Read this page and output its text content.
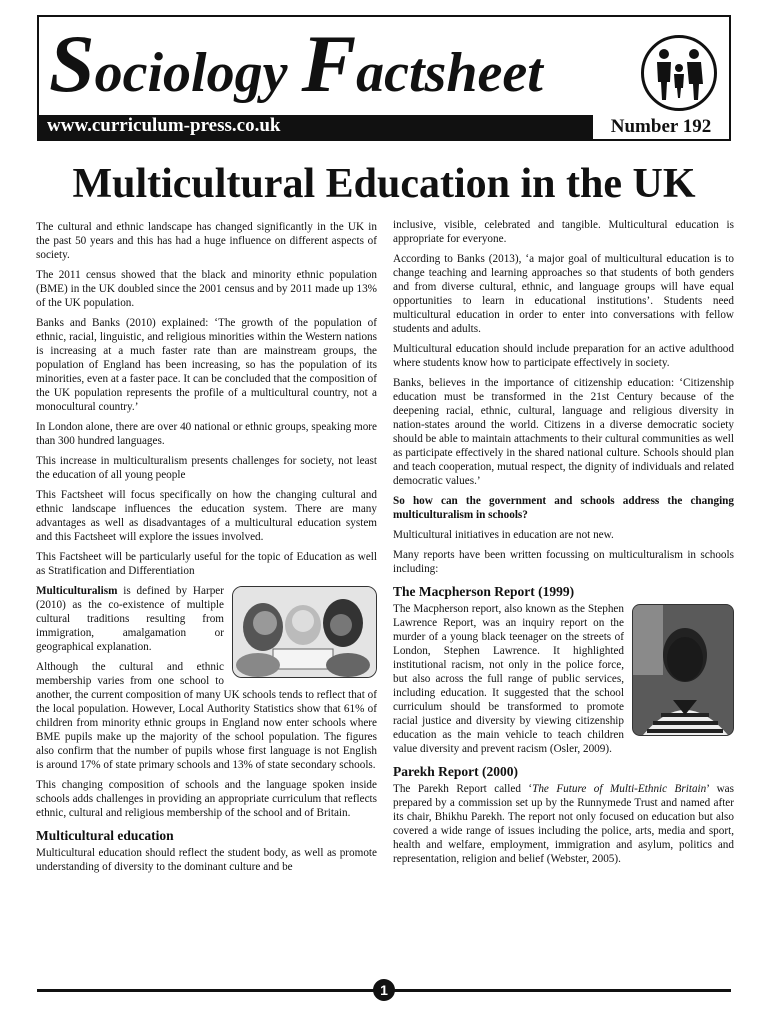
Sociology Factsheet
www.curriculum-press.co.uk	Number 192
Multicultural Education in the UK

The cultural and ethnic landscape has changed significantly in the UK in the past 50 years and this has had a huge influence on different aspects of society.

The 2011 census showed that the black and minority ethnic population (BME) in the UK doubled since the 2001 census and by 2011 made up 13% of the UK population.

Banks and Banks (2010) explained: ‘The growth of the population of ethnic, racial, linguistic, and religious minorities within the Western nations is increasing at a much faster rate than are mainstream groups, the population of England has been increasing, so has the population of its minorities, even at a faster pace. It can be concluded that the composition of the UK population represents the profile of a multicultural country, not a monocultural country.’

In London alone, there are over 40 national or ethnic groups, speaking more than 300 hundred languages.

This increase in multiculturalism presents challenges for society, not least the education of all young people

This Factsheet will focus specifically on how the changing cultural and ethnic landscape influences the education system. There are many advantages as well as disadvantages of a multicultural education system and this Factsheet will explore the issues involved.

This Factsheet will be particularly useful for the topic of Education as well as Stratification and Differentiation

Multiculturalism is defined by Harper (2010) as the co-existence of multiple cultural traditions resulting from immigration, amalgamation or geographical explanation.

Although the cultural and ethnic membership varies from one school to another, the current composition of many UK schools tends to reflect that of the local population. However, Local Authority Statistics show that 61% of children from minority ethnic groups in England now enter schools where BME pupils make up the majority of the school population. The figures also confirm that the number of pupils whose first language is not English is around 17% of state primary schools and 13% of state secondary schools.

This changing composition of schools and the language spoken inside schools adds challenges in providing an appropriate curriculum that reflects ethnic, cultural and religious membership of the school and of Britain.

Multicultural education

Multicultural education should reflect the student body, as well as promote understanding of diversity to the dominant culture and be

inclusive, visible, celebrated and tangible. Multicultural education is appropriate for everyone.

According to Banks (2013), ‘a major goal of multicultural education is to change teaching and learning approaches so that students of both genders and from diverse cultural, ethnic, and language groups will have equal opportunities to learn in educational institutions’. Students need multicultural education in order to enter into conversations with fellow students and adults.

Multicultural education should include preparation for an active adulthood where students know how to participate effectively in society.

Banks, believes in the importance of citizenship education: ‘Citizenship education must be transformed in the 21st Century because of the deepening racial, ethnic, cultural, language and religious diversity in nation-states around the world. Citizens in a diverse democratic society should be able to maintain attachments to their cultural communities as well as participate effectively in the shared national culture. Schools should plan and teach cooperation, mutual respect, the dignity of individuals and related democratic values.’

So how can the government and schools address the changing multiculturalism in schools?

Multicultural initiatives in education are not new.

Many reports have been written focussing on multiculturalism in schools including:

The Macpherson Report (1999)

The Macpherson report, also known as the Stephen Lawrence Report, was an inquiry report on the murder of a young black teenager on the streets of London, Stephen Lawrence. It highlighted institutional racism, not only in the police force, but also across the full range of public services, including education. It suggested that the school curriculum should be transformed to promote racial justice and diversity by viewing citizenship education as the main vehicle to teach children value diversity and prevent racism (Osler, 2009).

Parekh Report (2000)

The Parekh Report called ‘The Future of Multi-Ethnic Britain’ was prepared by a commission set up by the Runnymede Trust and named after its chair, Bhikhu Parekh. The report not only focused on education but also covered a wide range of issues including the police, arts, media and sport, health and welfare, employment, immigration and asylum, politics and representation, religion and belief (Webster, 2005).

1
